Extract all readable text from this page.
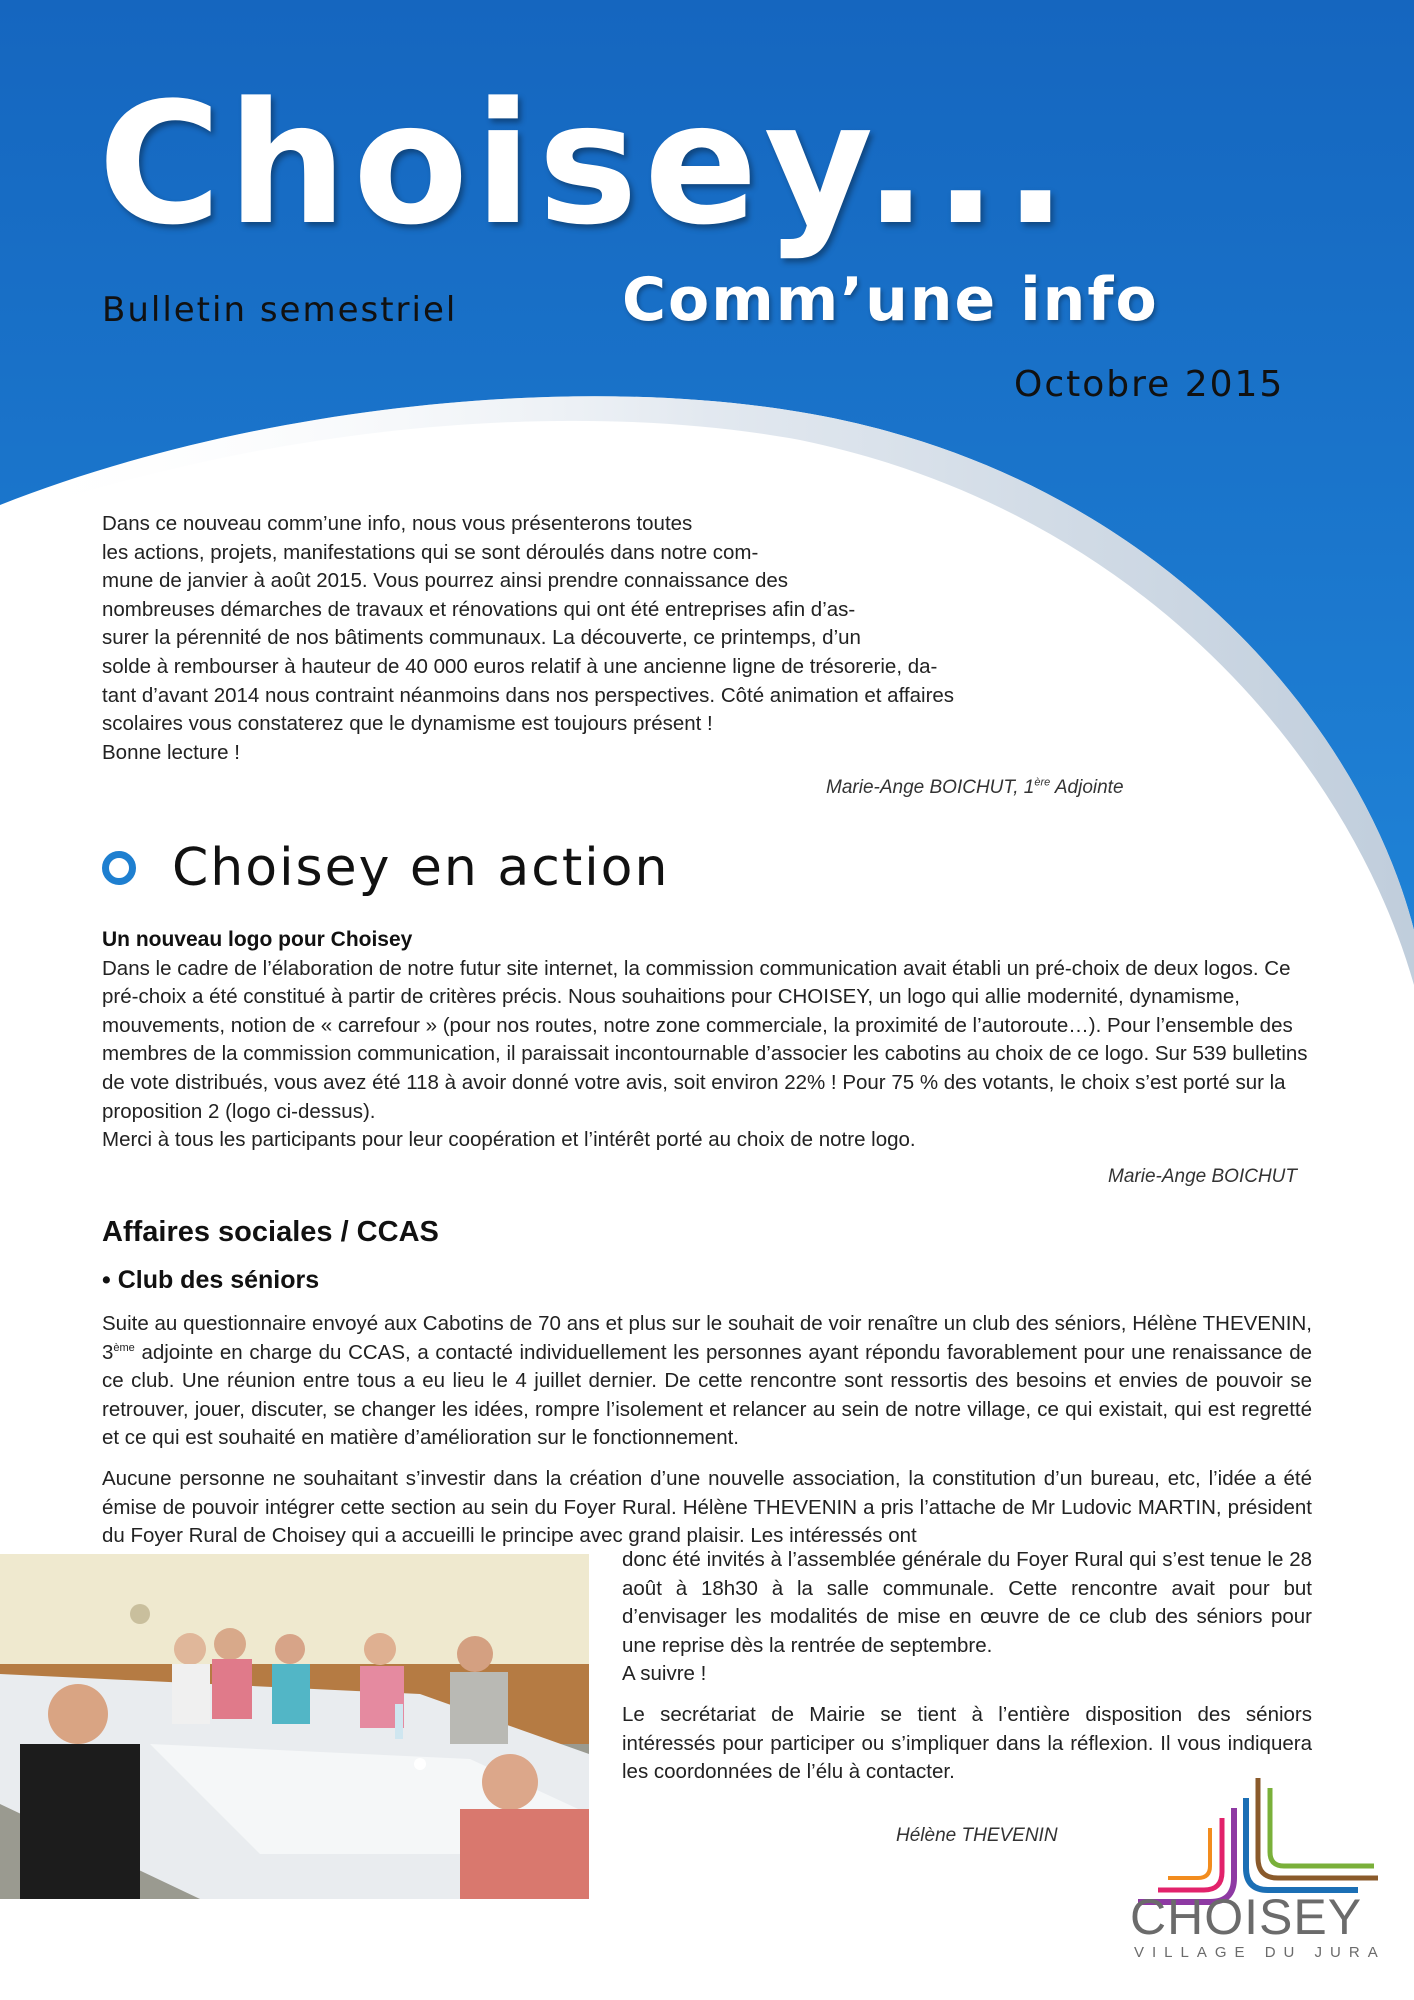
Choisey...
Comm’une info
Bulletin semestriel
Octobre 2015
Dans ce nouveau comm’une info, nous vous présenterons toutes
les actions, projets, manifestations qui se sont déroulés dans notre com-
mune de janvier à août 2015. Vous pourrez ainsi prendre connaissance des
nombreuses démarches de travaux et rénovations qui ont été entreprises afin d’as-
surer la pérennité de nos bâtiments communaux. La découverte, ce printemps, d’un
solde à rembourser à hauteur de 40 000 euros relatif à une ancienne ligne de trésorerie, da-
tant d’avant 2014 nous contraint néanmoins dans nos perspectives. Côté animation et affaires
scolaires vous constaterez que le dynamisme est toujours présent !
Bonne lecture !
Marie-Ange BOICHUT, 1ère Adjointe
Choisey en action

Un nouveau logo pour Choisey

Dans le cadre de l’élaboration de notre futur site internet, la commission communication avait établi un pré-choix de deux logos. Ce pré-choix a été constitué à partir de critères précis. Nous souhaitions pour CHOISEY, un logo qui allie modernité, dynamisme, mouvements, notion de « carrefour » (pour nos routes, notre zone commerciale, la proximité de l’autoroute…). Pour l’ensemble des membres de la commission communication, il paraissait incontournable d’associer les cabotins au choix de ce logo. Sur 539 bulletins de vote distribués, vous avez été 118 à avoir donné votre avis, soit environ 22% ! Pour 75 % des votants, le choix s’est porté sur la proposition 2 (logo ci-dessus).

Merci à tous les participants pour leur coopération et l’intérêt porté au choix de notre logo.

Marie-Ange BOICHUT
Affaires sociales / CCAS
• Club des séniors

Suite au questionnaire envoyé aux Cabotins de 70 ans et plus sur le souhait de voir renaître un club des séniors, Hélène THEVENIN, 3ème adjointe en charge du CCAS, a contacté individuellement les personnes ayant répondu favorablement pour une renaissance de ce club. Une réunion entre tous a eu lieu le 4 juillet dernier. De cette rencontre sont ressortis des besoins et envies de pouvoir se retrouver, jouer, discuter, se changer les idées, rompre l’isolement et relancer au sein de notre village, ce qui existait, qui est regretté et ce qui est souhaité en matière d’amélioration sur le fonctionnement.

Aucune personne ne souhaitant s’investir dans la création d’une nouvelle association, la constitution d’un bureau, etc, l’idée a été émise de pouvoir intégrer cette section au sein du Foyer Rural. Hélène THEVENIN a pris l’attache de Mr Ludovic MARTIN, président du Foyer Rural de Choisey qui a accueilli le principe avec grand plaisir. Les intéressés ont

donc été invités à l’assemblée générale du Foyer Rural qui s’est tenue le 28 août à 18h30 à la salle communale. Cette rencontre avait pour but d’envisager les modalités de mise en œuvre de ce club des séniors pour une reprise dès la rentrée de septembre.

A suivre !

Le secrétariat de Mairie se tient à l’entière disposition des séniors intéressés pour participer ou s’impliquer dans la réflexion. Il vous indiquera les coordonnées de l’élu à contacter.

Hélène THEVENIN
CHOISEY
VILLAGE DU JURA
